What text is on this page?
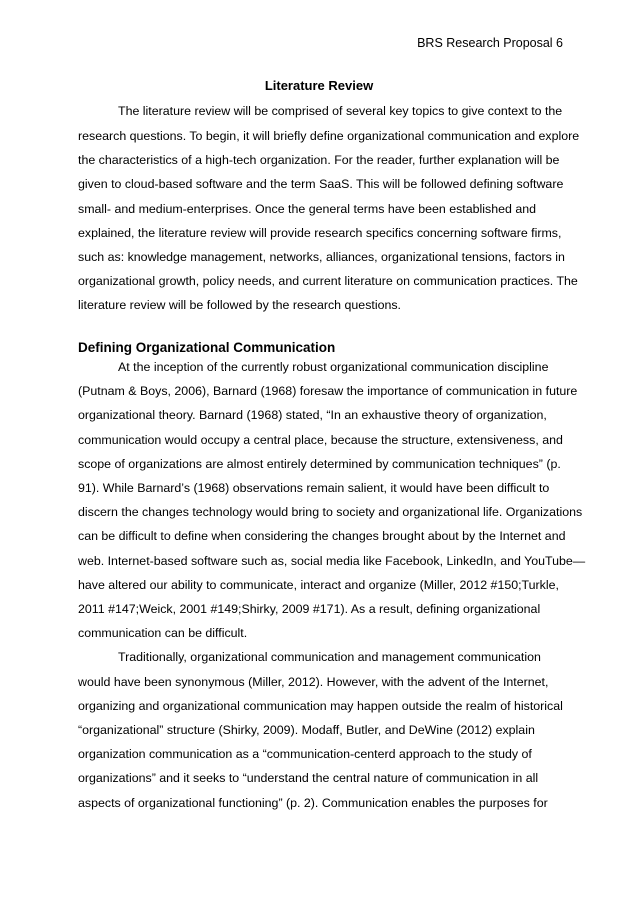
BRS Research Proposal 6
Literature Review
The literature review will be comprised of several key topics to give context to the
research questions. To begin, it will briefly define organizational communication and explore
the characteristics of a high-tech organization. For the reader, further explanation will be
given to cloud-based software and the term SaaS. This will be followed defining software
small- and medium-enterprises. Once the general terms have been established and
explained, the literature review will provide research specifics concerning software firms,
such as: knowledge management, networks, alliances, organizational tensions, factors in
organizational growth, policy needs, and current literature on communication practices. The
literature review will be followed by the research questions.
Defining Organizational Communication
At the inception of the currently robust organizational communication discipline
(Putnam & Boys, 2006), Barnard (1968) foresaw the importance of communication in future
organizational theory. Barnard (1968) stated, “In an exhaustive theory of organization,
communication would occupy a central place, because the structure, extensiveness, and
scope of organizations are almost entirely determined by communication techniques” (p.
91). While Barnard’s (1968) observations remain salient, it would have been difficult to
discern the changes technology would bring to society and organizational life. Organizations
can be difficult to define when considering the changes brought about by the Internet and
web. Internet-based software such as, social media like Facebook, LinkedIn, and YouTube—
have altered our ability to communicate, interact and organize (Miller, 2012 #150;Turkle,
2011 #147;Weick, 2001 #149;Shirky, 2009 #171). As a result, defining organizational
communication can be difficult.
Traditionally, organizational communication and management communication
would have been synonymous (Miller, 2012). However, with the advent of the Internet,
organizing and organizational communication may happen outside the realm of historical
“organizational” structure (Shirky, 2009). Modaff, Butler, and DeWine (2012) explain
organization communication as a “communication-centerd approach to the study of
organizations” and it seeks to “understand the central nature of communication in all
aspects of organizational functioning” (p. 2). Communication enables the purposes for
